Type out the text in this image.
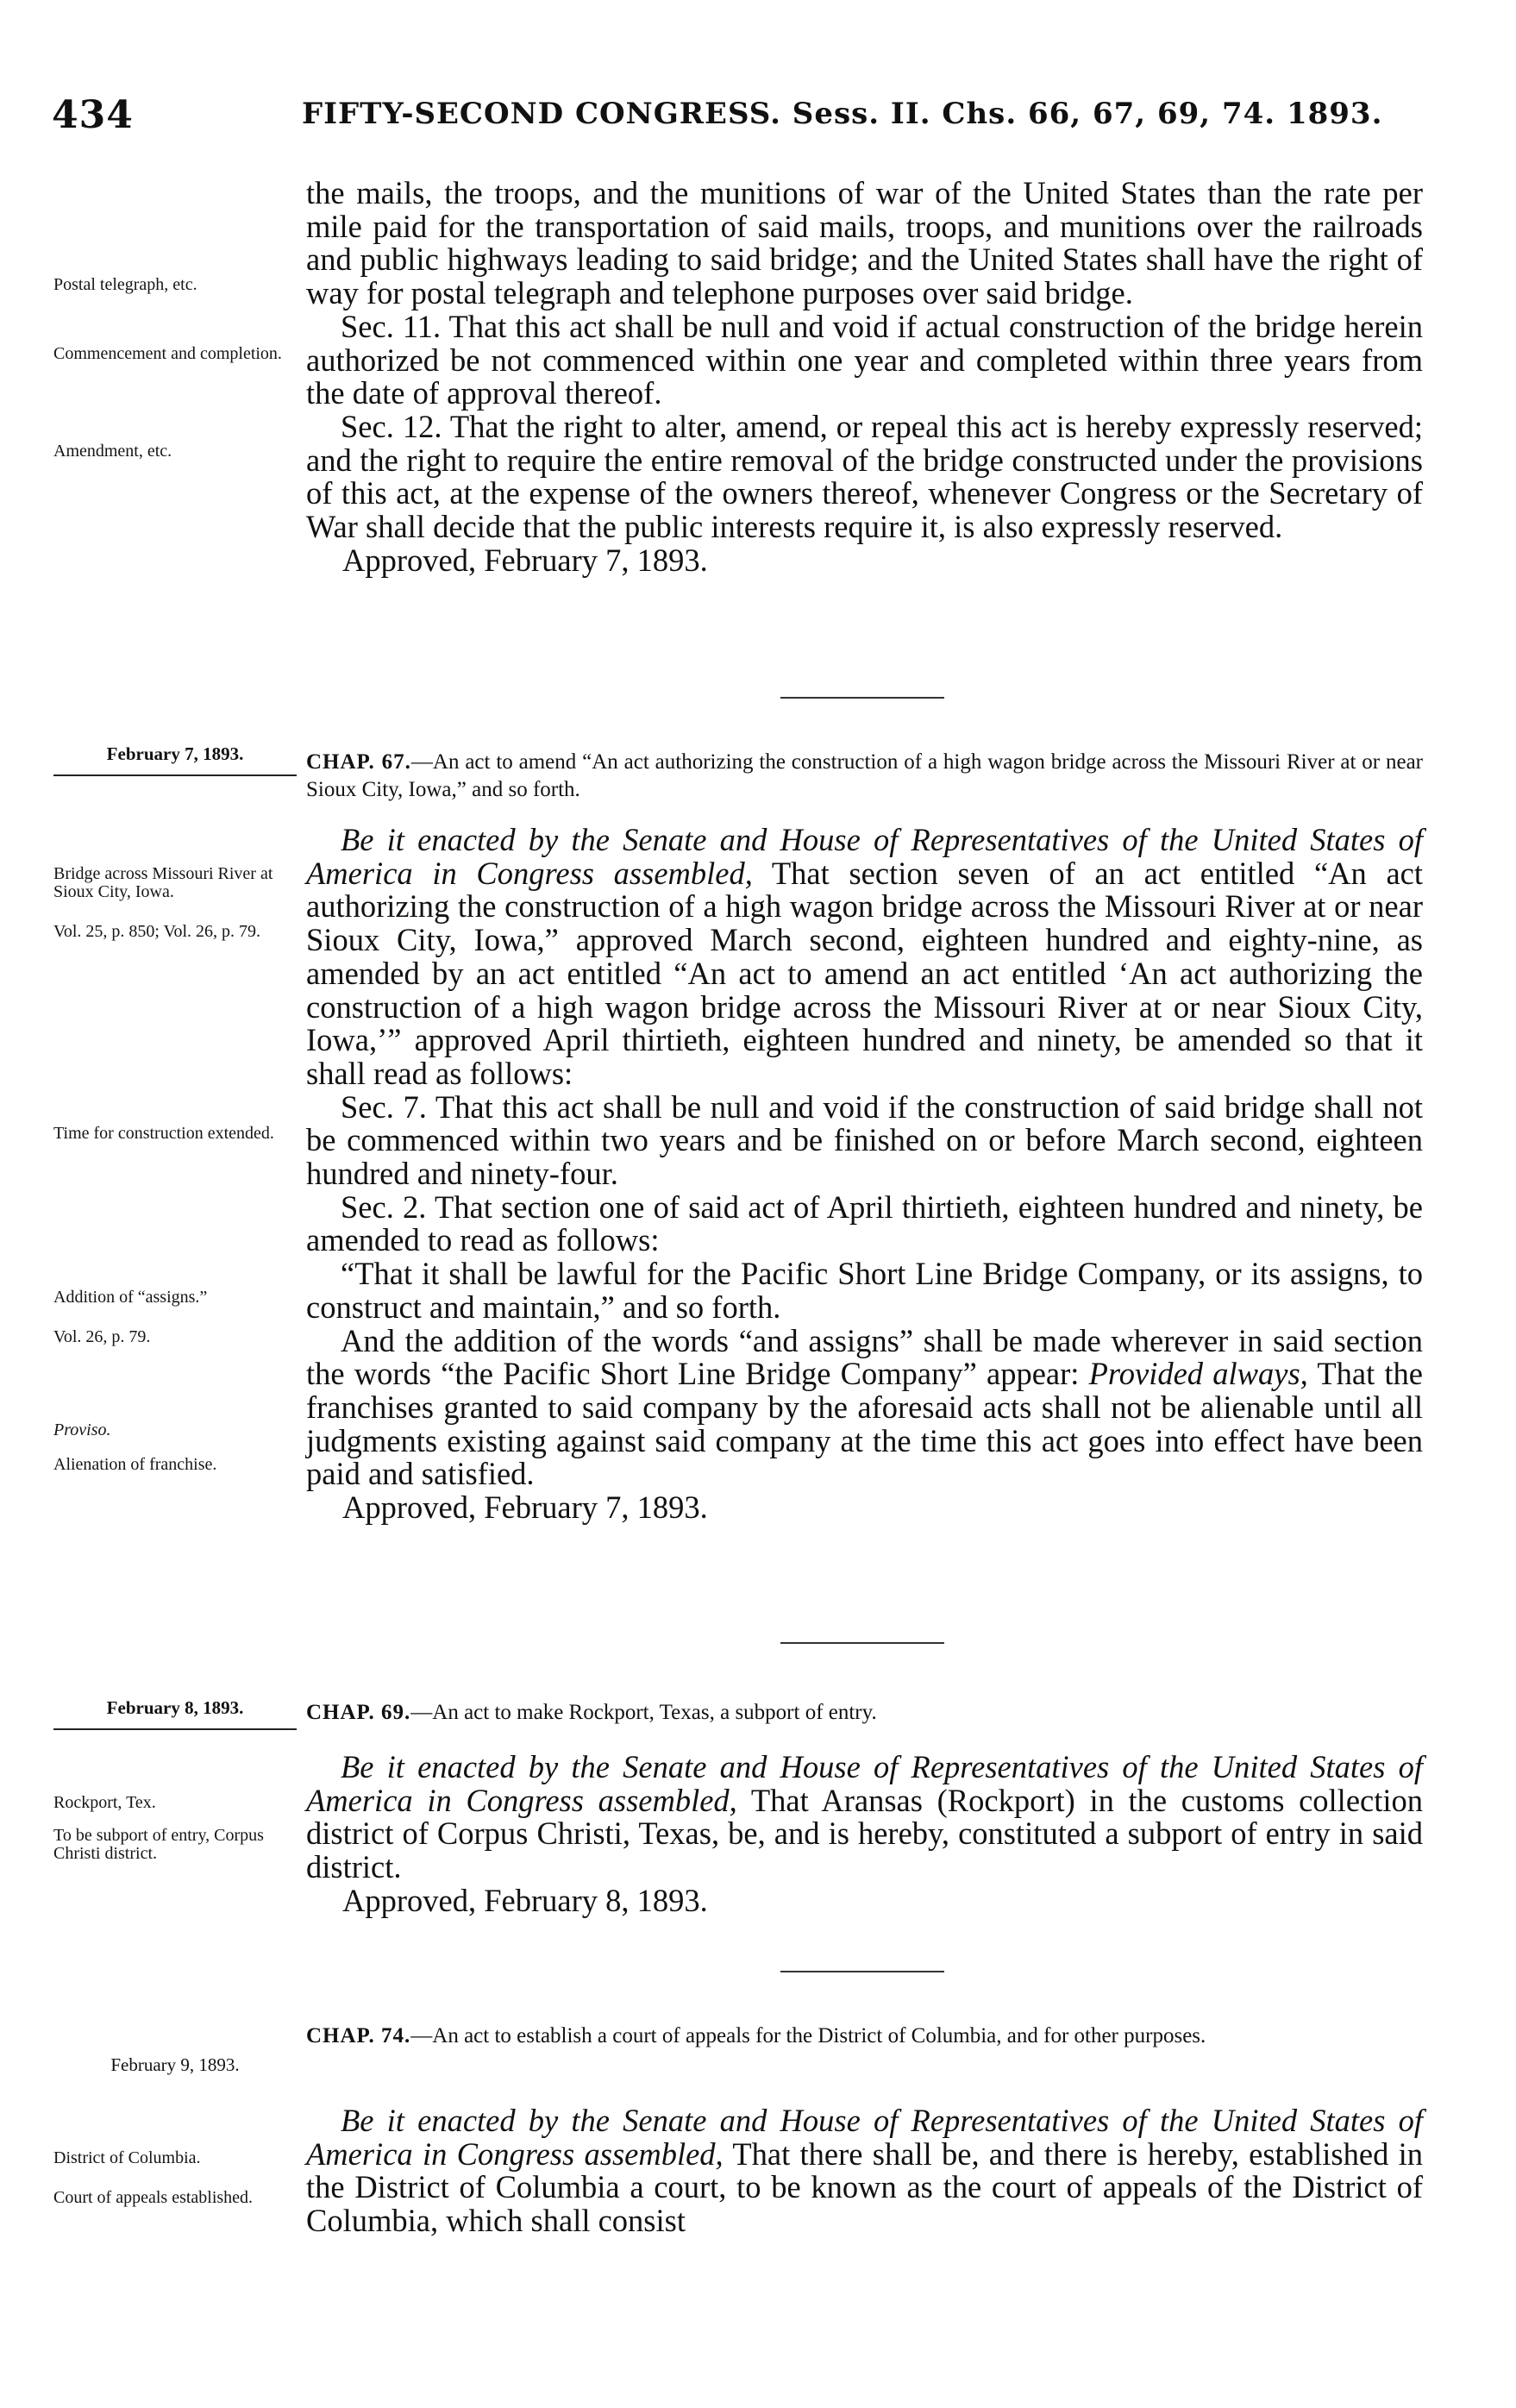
434	FIFTY-SECOND CONGRESS. Sess. II. Chs. 66, 67, 69, 74. 1893.

the mails, the troops, and the munitions of war of the United States than the rate per mile paid for the transportation of said mails, troops, and munitions over the railroads and public highways leading to said bridge; and the United States shall have the right of way for postal telegraph and telephone purposes over said bridge.

Sec. 11. That this act shall be null and void if actual construction of the bridge herein authorized be not commenced within one year and completed within three years from the date of approval thereof.

Sec. 12. That the right to alter, amend, or repeal this act is hereby expressly reserved; and the right to require the entire removal of the bridge constructed under the provisions of this act, at the expense of the owners thereof, whenever Congress or the Secretary of War shall decide that the public interests require it, is also expressly reserved.

Approved, February 7, 1893.

Postal telegraph, etc.
Commencement and completion.
Amendment, etc.
February 7, 1893.	CHAP. 67.—An act to amend “An act authorizing the construction of a high wagon bridge across the Missouri River at or near Sioux City, Iowa,” and so forth.

Be it enacted by the Senate and House of Representatives of the United States of America in Congress assembled, That section seven of an act entitled “An act authorizing the construction of a high wagon bridge across the Missouri River at or near Sioux City, Iowa,” approved March second, eighteen hundred and eighty-nine, as amended by an act entitled “An act to amend an act entitled ‘An act authorizing the construction of a high wagon bridge across the Missouri River at or near Sioux City, Iowa,’” approved April thirtieth, eighteen hundred and ninety, be amended so that it shall read as follows:

Sec. 7. That this act shall be null and void if the construction of said bridge shall not be commenced within two years and be finished on or before March second, eighteen hundred and ninety-four.

Sec. 2. That section one of said act of April thirtieth, eighteen hundred and ninety, be amended to read as follows:

“That it shall be lawful for the Pacific Short Line Bridge Company, or its assigns, to construct and maintain,” and so forth.

And the addition of the words “and assigns” shall be made wherever in said section the words “the Pacific Short Line Bridge Company” appear: Provided always, That the franchises granted to said company by the aforesaid acts shall not be alienable until all judgments existing against said company at the time this act goes into effect have been paid and satisfied.

Approved, February 7, 1893.

Bridge across Missouri River at Sioux City, Iowa.
Vol. 25, p. 850; Vol. 26, p. 79.
Time for construction extended.
Addition of “assigns.”
Vol. 26, p. 79.
Proviso.
Alienation of franchise.
February 8, 1893.	CHAP. 69.—An act to make Rockport, Texas, a subport of entry.

Be it enacted by the Senate and House of Representatives of the United States of America in Congress assembled, That Aransas (Rockport) in the customs collection district of Corpus Christi, Texas, be, and is hereby, constituted a subport of entry in said district.

Approved, February 8, 1893.

Rockport, Tex.
To be subport of entry, Corpus Christi district.
CHAP. 74.—An act to establish a court of appeals for the District of Columbia, and for other purposes.
February 9, 1893.

Be it enacted by the Senate and House of Representatives of the United States of America in Congress assembled, That there shall be, and there is hereby, established in the District of Columbia a court, to be known as the court of appeals of the District of Columbia, which shall consist

District of Columbia.
Court of appeals established.
